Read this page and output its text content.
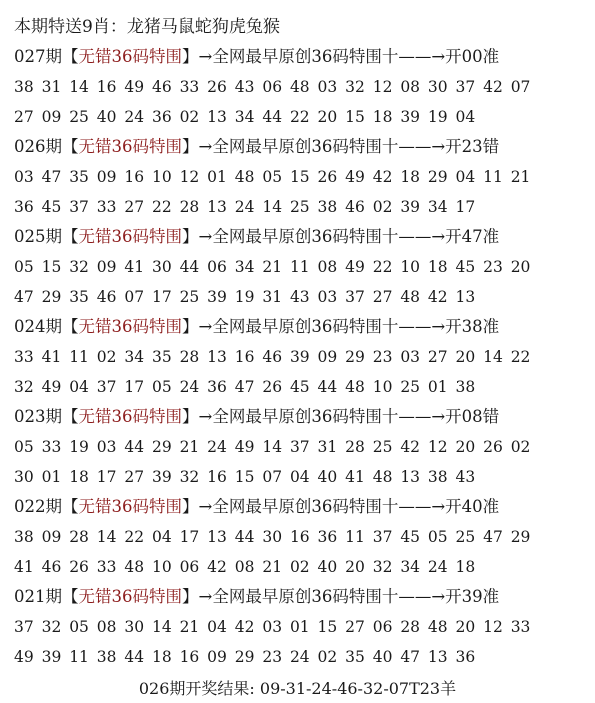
本期特送9肖：龙猪马鼠蛇狗虎兔猴
027期【无错36码特围】→全网最早原创36码特围十——→开00准
38 31 14 16 49 46 33 26 43 06 48 03 32 12 08 30 37 42 07
27 09 25 40 24 36 02 13 34 44 22 20 15 18 39 19 04
026期【无错36码特围】→全网最早原创36码特围十——→开23错
03 47 35 09 16 10 12 01 48 05 15 26 49 42 18 29 04 11 21
36 45 37 33 27 22 28 13 24 14 25 38 46 02 39 34 17
025期【无错36码特围】→全网最早原创36码特围十——→开47准
05 15 32 09 41 30 44 06 34 21 11 08 49 22 10 18 45 23 20
47 29 35 46 07 17 25 39 19 31 43 03 37 27 48 42 13
024期【无错36码特围】→全网最早原创36码特围十——→开38准
33 41 11 02 34 35 28 13 16 46 39 09 29 23 03 27 20 14 22
32 49 04 37 17 05 24 36 47 26 45 44 48 10 25 01 38
023期【无错36码特围】→全网最早原创36码特围十——→开08错
05 33 19 03 44 29 21 24 49 14 37 31 28 25 42 12 20 26 02
30 01 18 17 27 39 32 16 15 07 04 40 41 48 13 38 43
022期【无错36码特围】→全网最早原创36码特围十——→开40准
38 09 28 14 22 04 17 13 44 30 16 36 11 37 45 05 25 47 29
41 46 26 33 48 10 06 42 08 21 02 40 20 32 34 24 18
021期【无错36码特围】→全网最早原创36码特围十——→开39准
37 32 05 08 30 14 21 04 42 03 01 15 27 06 28 48 20 12 33
49 39 11 38 44 18 16 09 29 23 24 02 35 40 47 13 36
026期开奖结果: 09-31-24-46-32-07T23羊
